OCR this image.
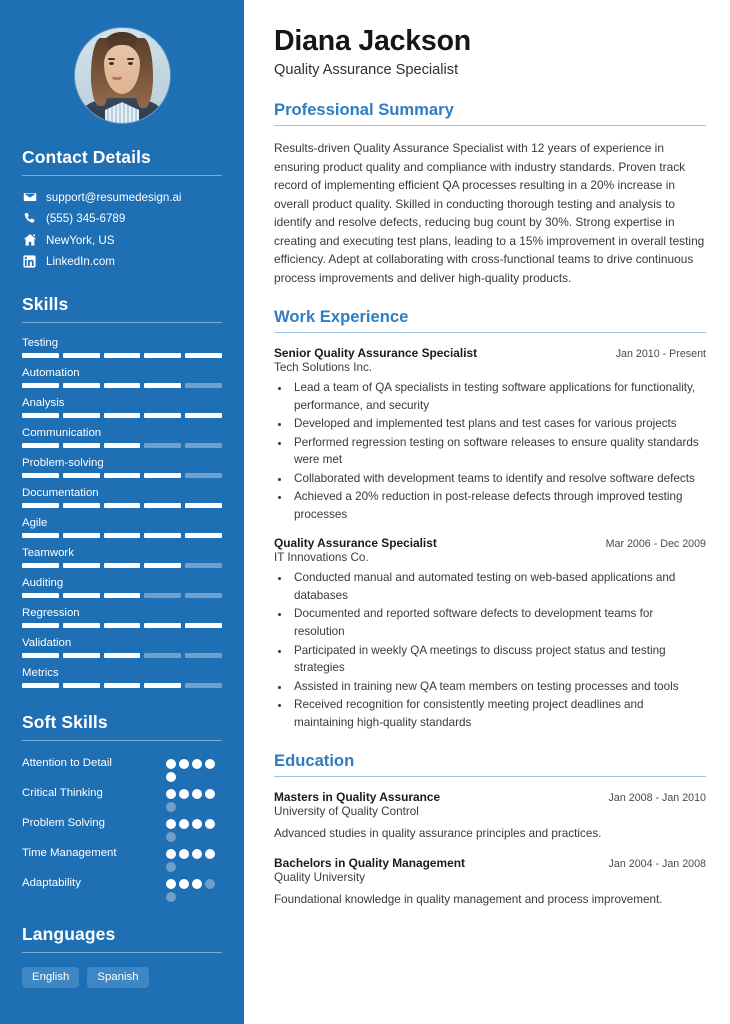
Contact Details
support@resumedesign.ai
(555) 345-6789
NewYork, US
LinkedIn.com
Skills
Testing
Automation
Analysis
Communication
Problem-solving
Documentation
Agile
Teamwork
Auditing
Regression
Validation
Metrics
Soft Skills
Attention to Detail
Critical Thinking
Problem Solving
Time Management
Adaptability
Languages
English	Spanish
Diana Jackson
Quality Assurance Specialist
Professional Summary

Results-driven Quality Assurance Specialist with 12 years of experience in ensuring product quality and compliance with industry standards. Proven track record of implementing efficient QA processes resulting in a 20% increase in overall product quality. Skilled in conducting thorough testing and analysis to identify and resolve defects, reducing bug count by 30%. Strong expertise in creating and executing test plans, leading to a 15% improvement in overall testing efficiency. Adept at collaborating with cross-functional teams to drive continuous process improvements and deliver high-quality products.

Work Experience
Senior Quality Assurance Specialist	Jan 2010 - Present
Tech Solutions Inc.
• Lead a team of QA specialists in testing software applications for functionality, performance, and security
• Developed and implemented test plans and test cases for various projects
• Performed regression testing on software releases to ensure quality standards were met
• Collaborated with development teams to identify and resolve software defects
• Achieved a 20% reduction in post-release defects through improved testing processes
Quality Assurance Specialist	Mar 2006 - Dec 2009
IT Innovations Co.
• Conducted manual and automated testing on web-based applications and databases
• Documented and reported software defects to development teams for resolution
• Participated in weekly QA meetings to discuss project status and testing strategies
• Assisted in training new QA team members on testing processes and tools
• Received recognition for consistently meeting project deadlines and maintaining high-quality standards
Education
Masters in Quality Assurance	Jan 2008 - Jan 2010
University of Quality Control
Advanced studies in quality assurance principles and practices.
Bachelors in Quality Management	Jan 2004 - Jan 2008
Quality University
Foundational knowledge in quality management and process improvement.
